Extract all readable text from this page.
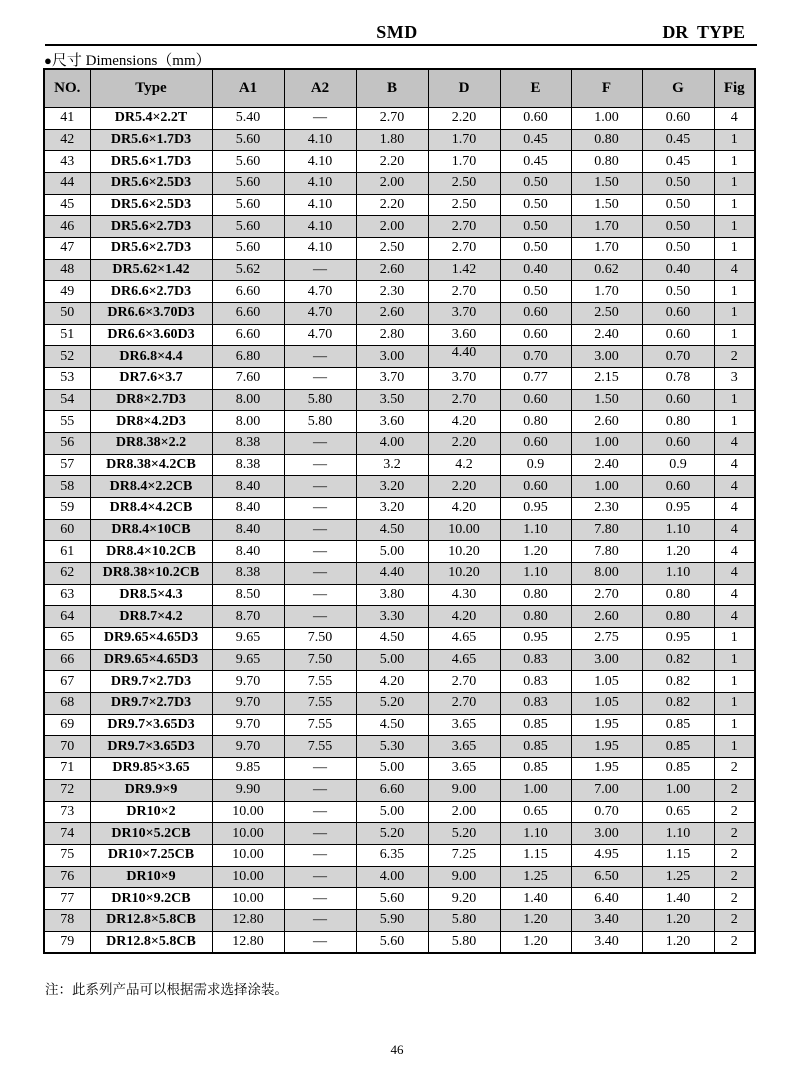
SMD	DR  TYPE
●尺寸 Dimensions（mm）
NO.	Type	A1	A2	B	D	E	F	G	Fig
41	DR5.4×2.2T	5.40	—	2.70	2.20	0.60	1.00	0.60	4
42	DR5.6×1.7D3	5.60	4.10	1.80	1.70	0.45	0.80	0.45	1
43	DR5.6×1.7D3	5.60	4.10	2.20	1.70	0.45	0.80	0.45	1
44	DR5.6×2.5D3	5.60	4.10	2.00	2.50	0.50	1.50	0.50	1
45	DR5.6×2.5D3	5.60	4.10	2.20	2.50	0.50	1.50	0.50	1
46	DR5.6×2.7D3	5.60	4.10	2.00	2.70	0.50	1.70	0.50	1
47	DR5.6×2.7D3	5.60	4.10	2.50	2.70	0.50	1.70	0.50	1
48	DR5.62×1.42	5.62	—	2.60	1.42	0.40	0.62	0.40	4
49	DR6.6×2.7D3	6.60	4.70	2.30	2.70	0.50	1.70	0.50	1
50	DR6.6×3.70D3	6.60	4.70	2.60	3.70	0.60	2.50	0.60	1
51	DR6.6×3.60D3	6.60	4.70	2.80	3.60	0.60	2.40	0.60	1
52	DR6.8×4.4	6.80	—	3.00	4.40	0.70	3.00	0.70	2
53	DR7.6×3.7	7.60	—	3.70	3.70	0.77	2.15	0.78	3
54	DR8×2.7D3	8.00	5.80	3.50	2.70	0.60	1.50	0.60	1
55	DR8×4.2D3	8.00	5.80	3.60	4.20	0.80	2.60	0.80	1
56	DR8.38×2.2	8.38	—	4.00	2.20	0.60	1.00	0.60	4
57	DR8.38×4.2CB	8.38	—	3.2	4.2	0.9	2.40	0.9	4
58	DR8.4×2.2CB	8.40	—	3.20	2.20	0.60	1.00	0.60	4
59	DR8.4×4.2CB	8.40	—	3.20	4.20	0.95	2.30	0.95	4
60	DR8.4×10CB	8.40	—	4.50	10.00	1.10	7.80	1.10	4
61	DR8.4×10.2CB	8.40	—	5.00	10.20	1.20	7.80	1.20	4
62	DR8.38×10.2CB	8.38	—	4.40	10.20	1.10	8.00	1.10	4
63	DR8.5×4.3	8.50	—	3.80	4.30	0.80	2.70	0.80	4
64	DR8.7×4.2	8.70	—	3.30	4.20	0.80	2.60	0.80	4
65	DR9.65×4.65D3	9.65	7.50	4.50	4.65	0.95	2.75	0.95	1
66	DR9.65×4.65D3	9.65	7.50	5.00	4.65	0.83	3.00	0.82	1
67	DR9.7×2.7D3	9.70	7.55	4.20	2.70	0.83	1.05	0.82	1
68	DR9.7×2.7D3	9.70	7.55	5.20	2.70	0.83	1.05	0.82	1
69	DR9.7×3.65D3	9.70	7.55	4.50	3.65	0.85	1.95	0.85	1
70	DR9.7×3.65D3	9.70	7.55	5.30	3.65	0.85	1.95	0.85	1
71	DR9.85×3.65	9.85	—	5.00	3.65	0.85	1.95	0.85	2
72	DR9.9×9	9.90	—	6.60	9.00	1.00	7.00	1.00	2
73	DR10×2	10.00	—	5.00	2.00	0.65	0.70	0.65	2
74	DR10×5.2CB	10.00	—	5.20	5.20	1.10	3.00	1.10	2
75	DR10×7.25CB	10.00	—	6.35	7.25	1.15	4.95	1.15	2
76	DR10×9	10.00	—	4.00	9.00	1.25	6.50	1.25	2
77	DR10×9.2CB	10.00	—	5.60	9.20	1.40	6.40	1.40	2
78	DR12.8×5.8CB	12.80	—	5.90	5.80	1.20	3.40	1.20	2
79	DR12.8×5.8CB	12.80	—	5.60	5.80	1.20	3.40	1.20	2
注：此系列产品可以根据需求选择涂装。
46
